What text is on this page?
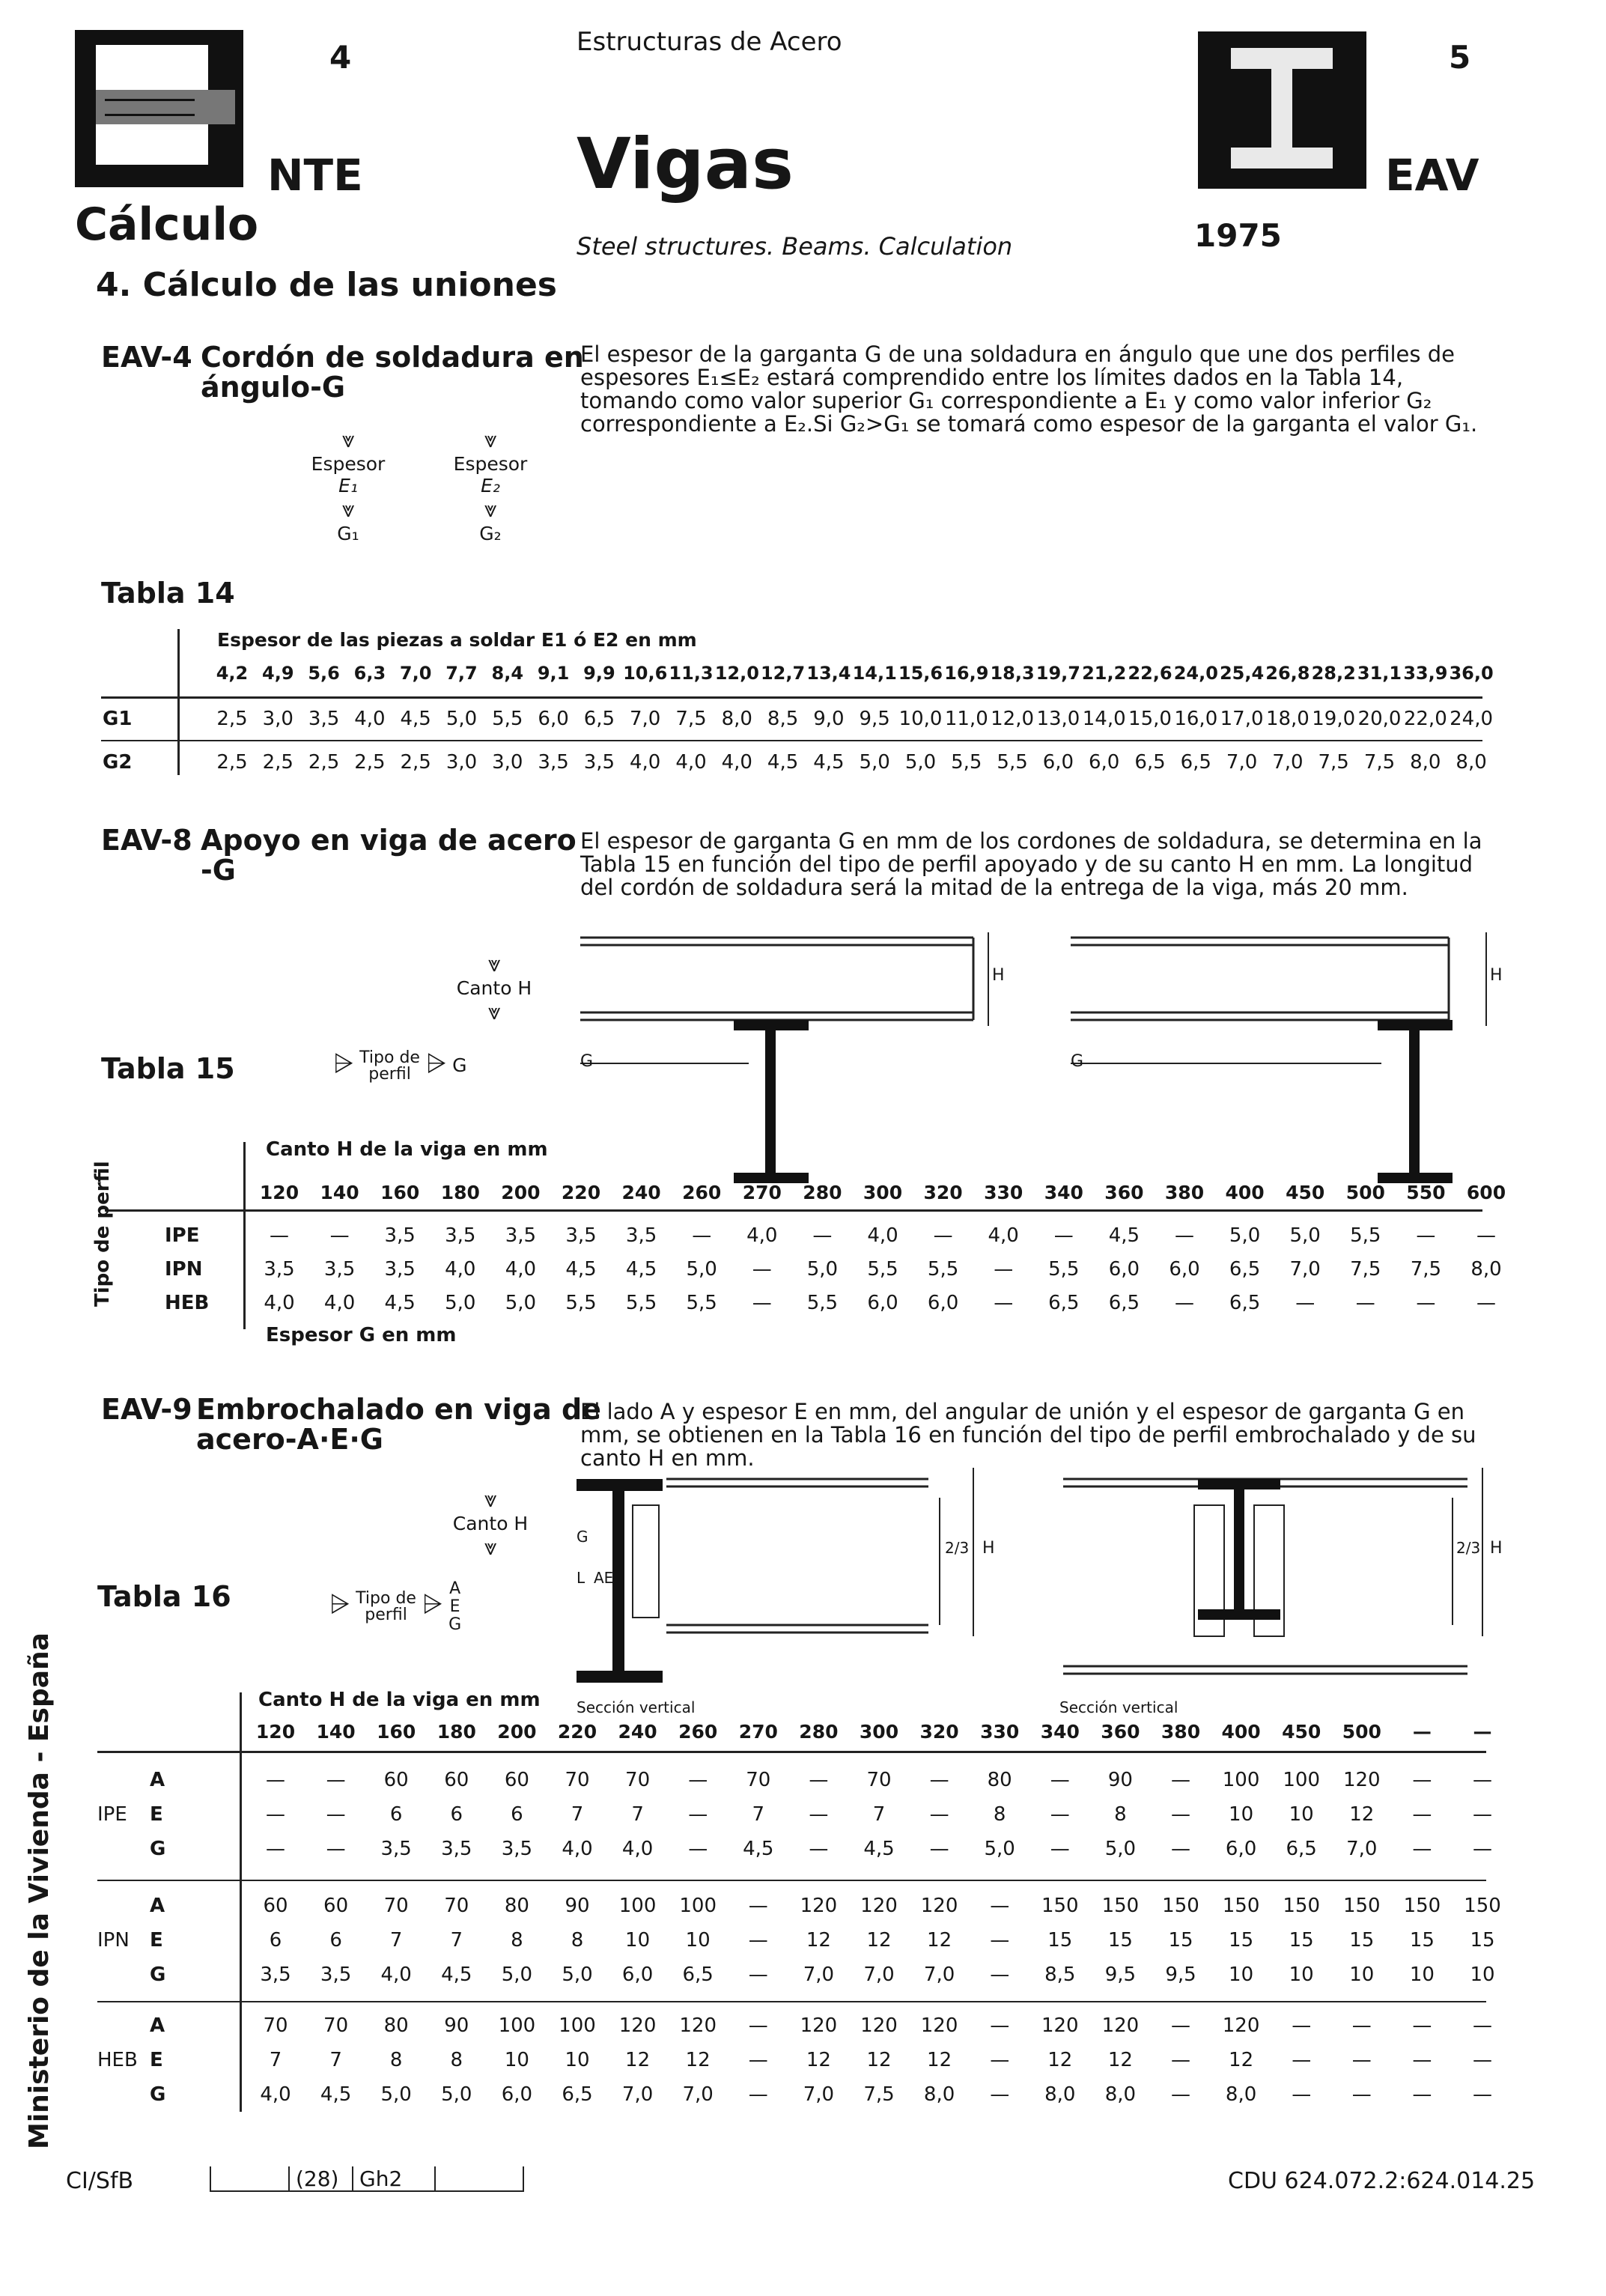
4	Estructuras de Acero	5
NTE	Vigas	EAV
Cálculo	Steel structures. Beams. Calculation	1975
4. Cálculo de las uniones
EAV-4 Cordón de soldadura en
ángulo-G
El espesor de la garganta G de una soldadura en ángulo que une dos perfiles de espesores E₁≤E₂ estará comprendido entre los límites dados en la Tabla 14, tomando como valor superior G₁ correspondiente a E₁ y como valor inferior G₂ correspondiente a E₂.Si G₂>G₁ se tomará como espesor de la garganta el valor G₁.
⩔
Espesor
E₁
⩔
G₁
⩔
Espesor
E₂
⩔
G₂
Tabla 14
Espesor de las piezas a soldar E1 ó E2 en mm
4,2 4,9 5,6 6,3 7,0 7,7 8,4 9,1 9,9 10,6 11,3 12,0 12,7 13,4 14,1 15,6 16,9 18,3 19,7 21,2 22,6 24,0 25,4 26,8 28,2 31,1 33,9 36,0
G1	2,5 3,0 3,5 4,0 4,5 5,0 5,5 6,0 6,5 7,0 7,5 8,0 8,5 9,0 9,5 10,0 11,0 12,0 13,0 14,0 15,0 16,0 17,0 18,0 19,0 20,0 22,0 24,0
G2	2,5 2,5 2,5 2,5 2,5 3,0 3,0 3,5 3,5 4,0 4,0 4,0 4,5 4,5 5,0 5,0 5,5 5,5 6,0 6,0 6,5 6,5 7,0 7,0 7,5 7,5 8,0 8,0
EAV-8 Apoyo en viga de acero
-G
El espesor de garganta G en mm de los cordones de soldadura, se determina en la Tabla 15 en función del tipo de perfil apoyado y de su canto H en mm. La longitud del cordón de soldadura será la mitad de la entrega de la viga, más 20 mm.
⩔
Canto H
⩔
Tabla 15	⩥ Tipo de
perfil ⩥ G
H	H
G	G
Canto H de la viga en mm
Espesor G en mm
Tipo de perfil	120	140	160	180	200	220	240	260	270	280	300	320	330	340	360	380	400	450	500	550	600
IPE	—	—	3,5	3,5	3,5	3,5	3,5	—	4,0	—	4,0	—	4,0	—	4,5	—	5,0	5,0	5,5	—	—
IPN	3,5	3,5	3,5	4,0	4,0	4,5	4,5	5,0	—	5,0	5,5	5,5	—	5,5	6,0	6,0	6,5	7,0	7,5	7,5	8,0
HEB	4,0	4,0	4,5	5,0	5,0	5,5	5,5	5,5	—	5,5	6,0	6,0	—	6,5	6,5	—	6,5	—	—	—	—
EAV-9 Embrochalado en viga de
acero-A·E·G
El lado A y espesor E en mm, del angular de unión y el espesor de garganta G en mm, se obtienen en la Tabla 16 en función del tipo de perfil embrochalado y de su canto H en mm.
⩔
Canto H
⩔
Tabla 16	⩥ Tipo de
perfil ⩥ A
E
G
G
L AE
2/3 H	2/3 H
Canto H de la viga en mm Sección vertical	Sección vertical
120	140	160	180	200	220	240	260	270	280	300	320	330	340	360	380	400	450	500	—	—
IPE
A	—	—	60	60	60	70	70	—	70	—	70	—	80	—	90	—	100	100	120	—	—
E	—	—	6	6	6	7	7	—	7	—	7	—	8	—	8	—	10	10	12	—	—
G	—	—	3,5	3,5	3,5	4,0	4,0	—	4,5	—	4,5	—	5,0	—	5,0	—	6,0	6,5	7,0	—	—
IPN
A	60	60	70	70	80	90	100	100	—	120	120	120	—	150	150	150	150	150	150	150	150
E	6	6	7	7	8	8	10	10	—	12	12	12	—	15	15	15	15	15	15	15	15
G	3,5	3,5	4,0	4,5	5,0	5,0	6,0	6,5	—	7,0	7,0	7,0	—	8,5	9,5	9,5	10	10	10	10	10
HEB
A	70	70	80	90	100	100	120	120	—	120	120	120	—	120	120	—	120	—	—	—	—
E	7	7	8	8	10	10	12	12	—	12	12	12	—	12	12	—	12	—	—	—	—
G	4,0	4,5	5,0	5,0	6,0	6,5	7,0	7,0	—	7,0	7,5	8,0	—	8,0	8,0	—	8,0	—	—	—	—
Ministerio de la Vivienda - España
CI/SfB	(28) Gh2	CDU 624.072.2:624.014.25
